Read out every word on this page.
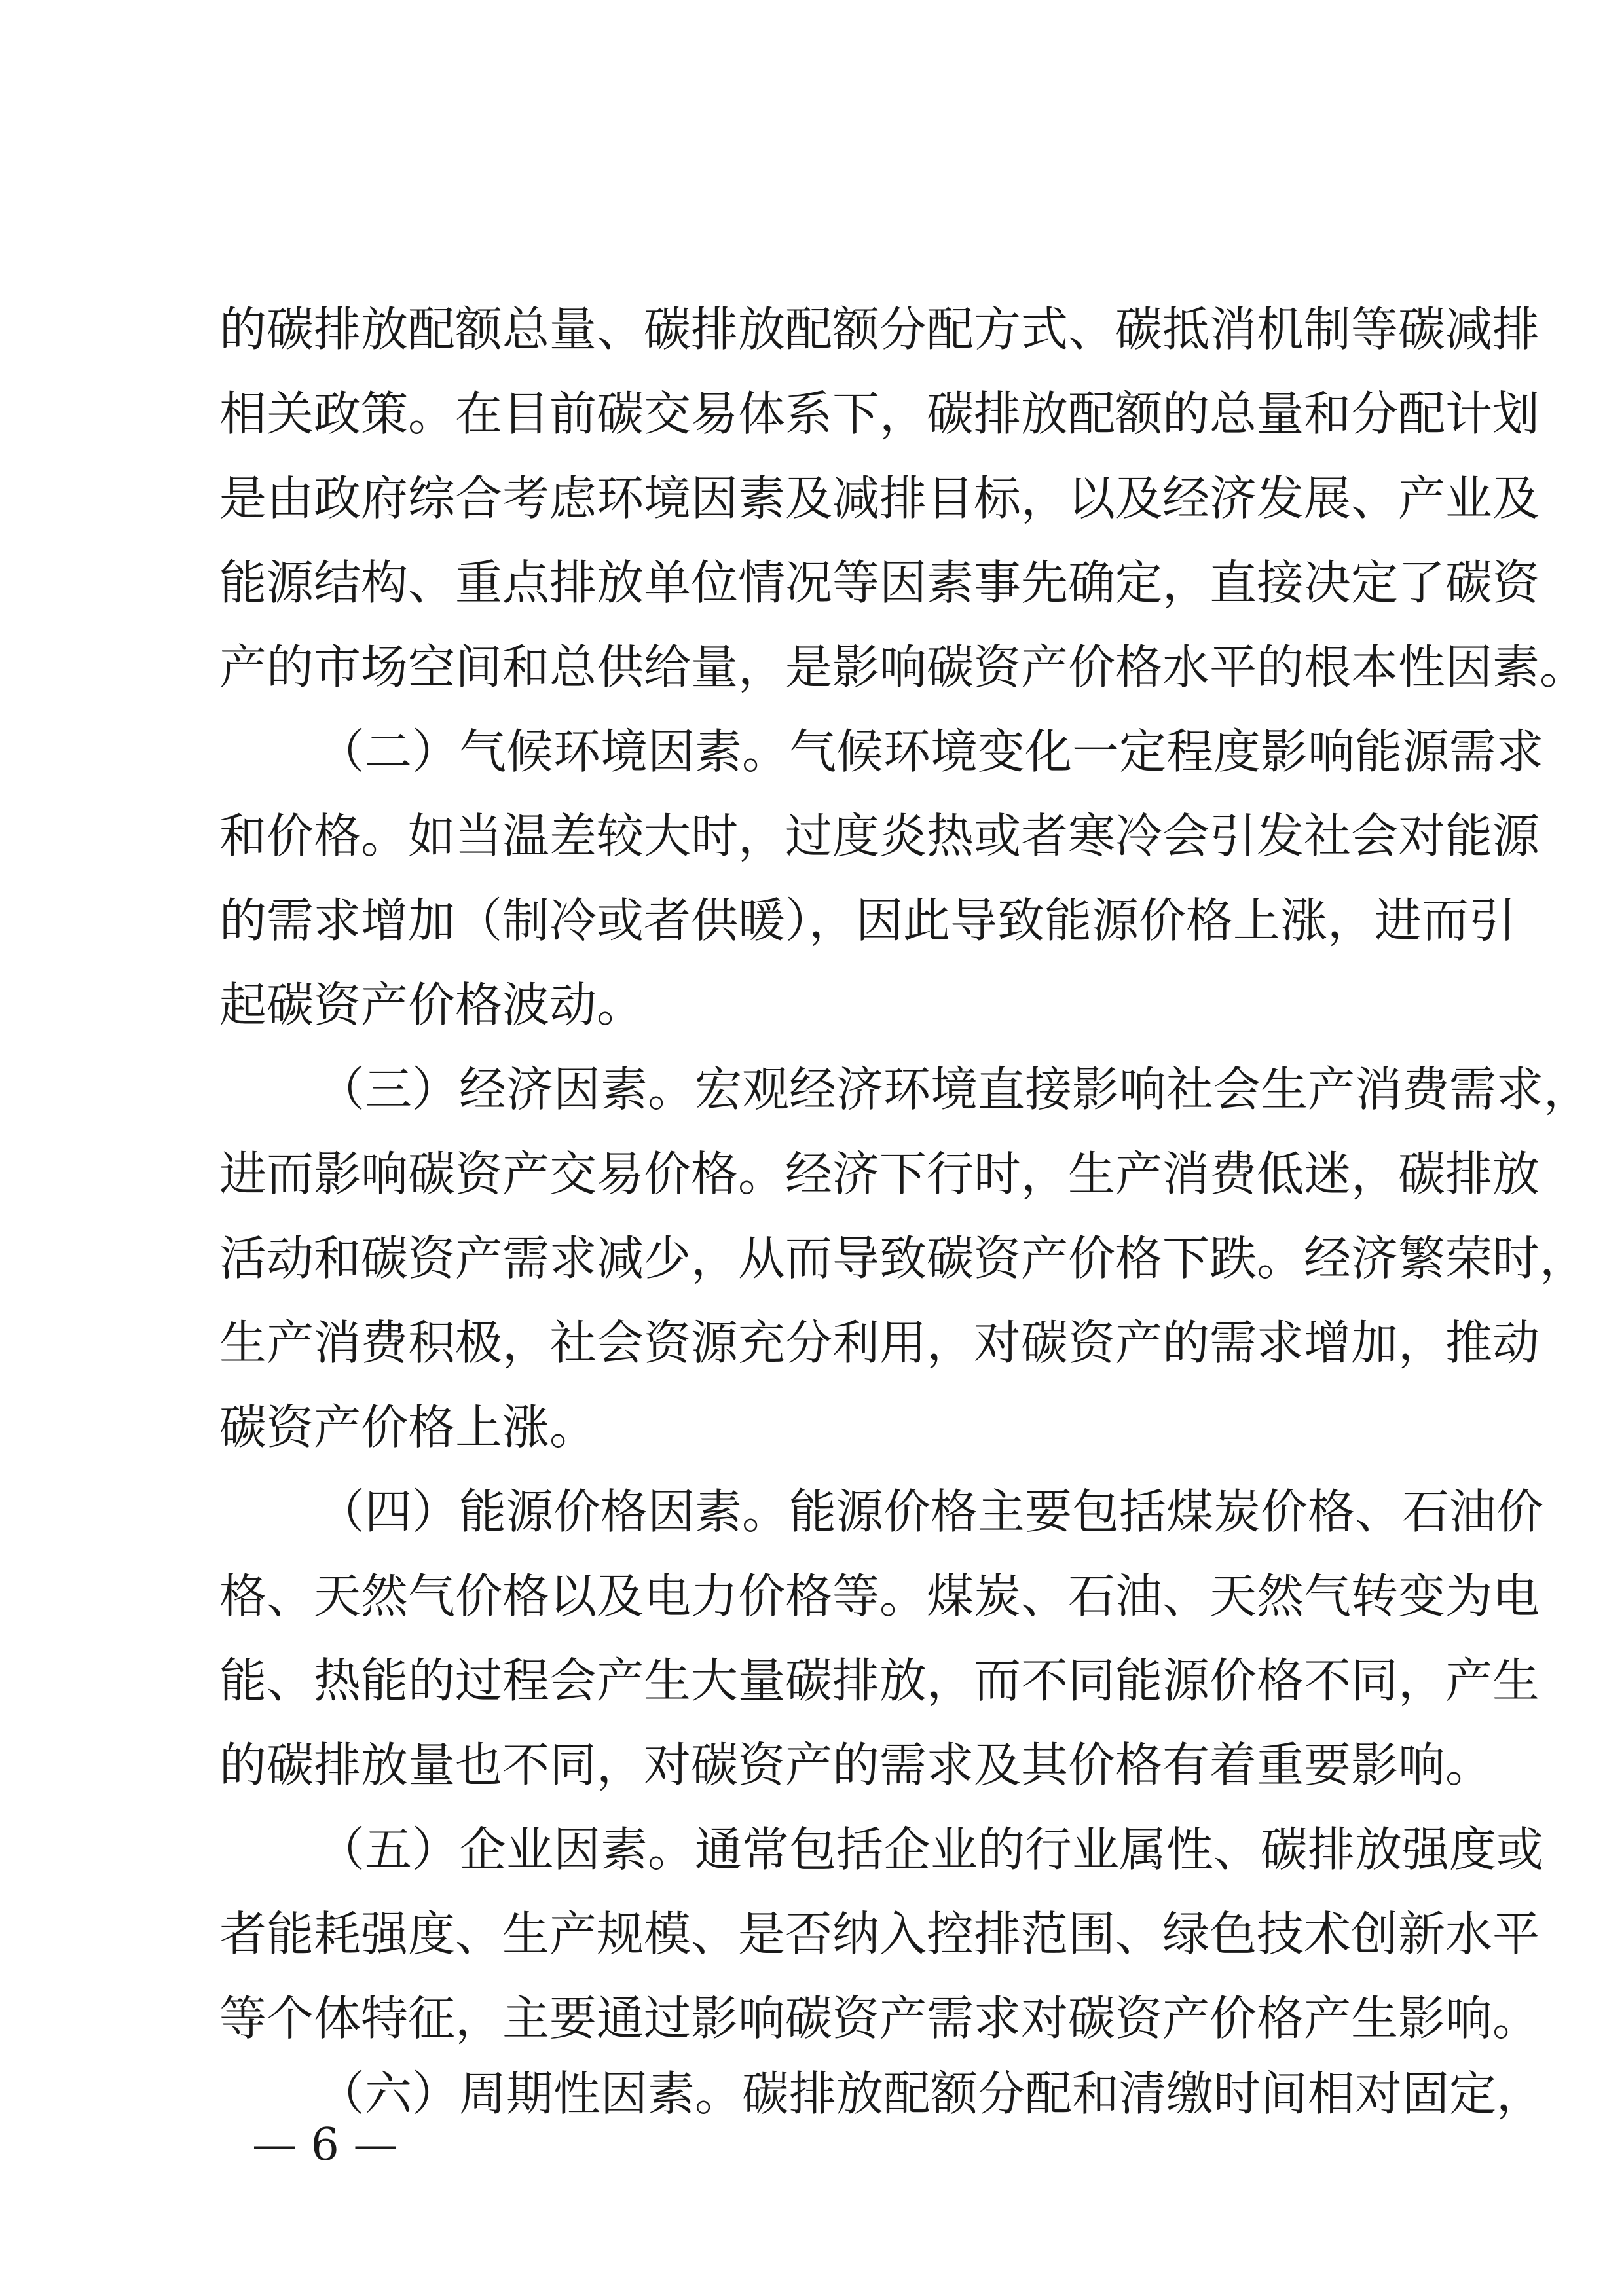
的碳排放配额总量、碳排放配额分配方式、碳抵消机制等碳减排

相关政策。在目前碳交易体系下，碳排放配额的总量和分配计划

是由政府综合考虑环境因素及减排目标，以及经济发展、产业及

能源结构、重点排放单位情况等因素事先确定，直接决定了碳资

产的市场空间和总供给量，是影响碳资产价格水平的根本性因素。

（二）气候环境因素。气候环境变化一定程度影响能源需求

和价格。如当温差较大时，过度炎热或者寒冷会引发社会对能源

的需求增加（制冷或者供暖），因此导致能源价格上涨，进而引

起碳资产价格波动。

（三）经济因素。宏观经济环境直接影响社会生产消费需求，

进而影响碳资产交易价格。经济下行时，生产消费低迷，碳排放

活动和碳资产需求减少，从而导致碳资产价格下跌。经济繁荣时，

生产消费积极，社会资源充分利用，对碳资产的需求增加，推动

碳资产价格上涨。

（四）能源价格因素。能源价格主要包括煤炭价格、石油价

格、天然气价格以及电力价格等。煤炭、石油、天然气转变为电

能、热能的过程会产生大量碳排放，而不同能源价格不同，产生

的碳排放量也不同，对碳资产的需求及其价格有着重要影响。

（五）企业因素。通常包括企业的行业属性、碳排放强度或

者能耗强度、生产规模、是否纳入控排范围、绿色技术创新水平

等个体特征，主要通过影响碳资产需求对碳资产价格产生影响。

（六）周期性因素。碳排放配额分配和清缴时间相对固定，

— 6 —
